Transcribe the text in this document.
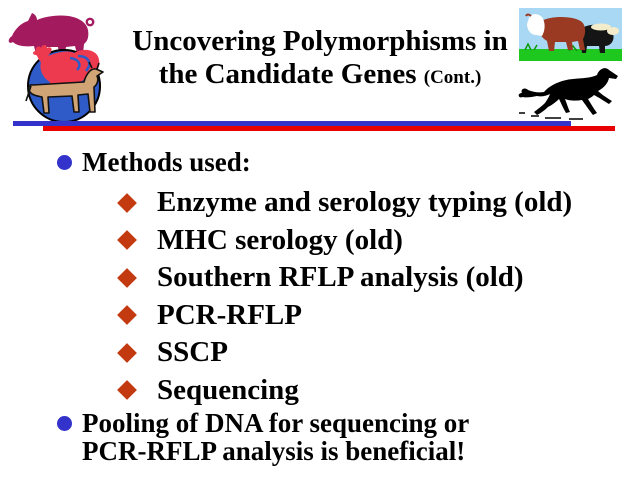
Uncovering Polymorphisms in
the Candidate Genes (Cont.)
Methods used:
Enzyme and serology typing (old)
MHC serology (old)
Southern RFLP analysis (old)
PCR-RFLP
SSCP
Sequencing
Pooling of DNA for sequencing or
PCR-RFLP analysis is beneficial!
